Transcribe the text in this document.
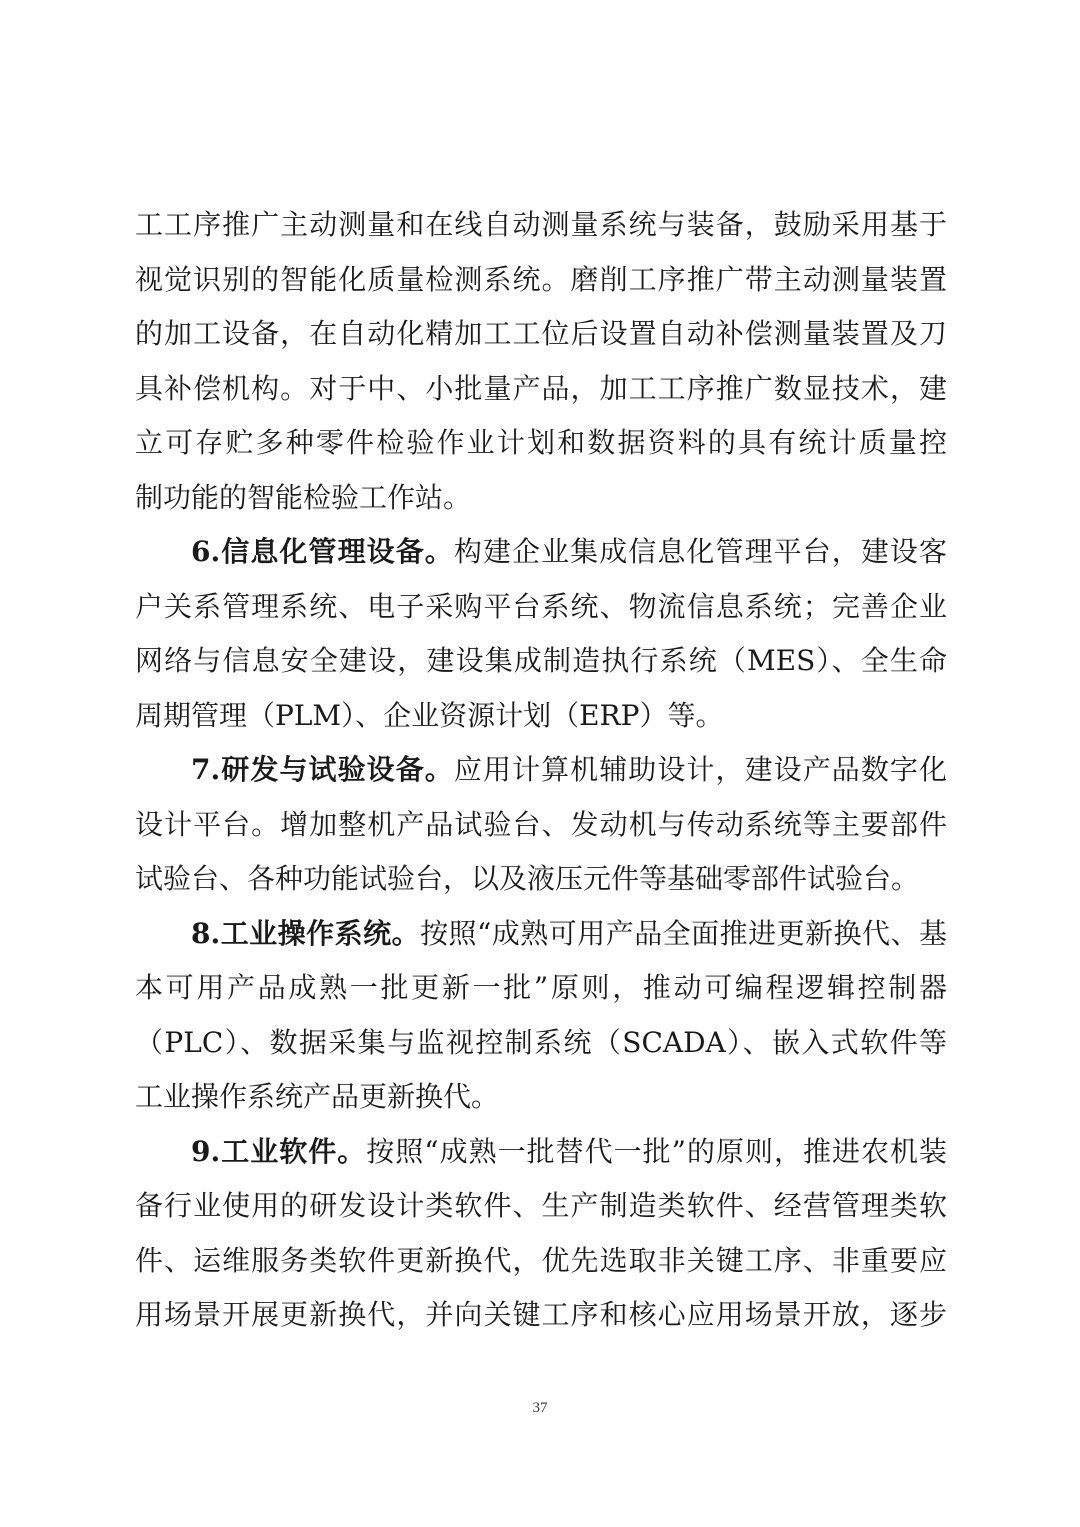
工工序推广主动测量和在线自动测量系统与装备，鼓励采用基于
视觉识别的智能化质量检测系统。磨削工序推广带主动测量装置
的加工设备，在自动化精加工工位后设置自动补偿测量装置及刀
具补偿机构。对于中、小批量产品，加工工序推广数显技术，建
立可存贮多种零件检验作业计划和数据资料的具有统计质量控
制功能的智能检验工作站。
6.信息化管理设备。构建企业集成信息化管理平台，建设客
户关系管理系统、电子采购平台系统、物流信息系统；完善企业
网络与信息安全建设，建设集成制造执行系统（MES）、全生命
周期管理（PLM）、企业资源计划（ERP）等。
7.研发与试验设备。应用计算机辅助设计，建设产品数字化
设计平台。增加整机产品试验台、发动机与传动系统等主要部件
试验台、各种功能试验台，以及液压元件等基础零部件试验台。
8.工业操作系统。按照“成熟可用产品全面推进更新换代、基
本可用产品成熟一批更新一批”原则，推动可编程逻辑控制器
（PLC）、数据采集与监视控制系统（SCADA）、嵌入式软件等
工业操作系统产品更新换代。
9.工业软件。按照“成熟一批替代一批”的原则，推进农机装
备行业使用的研发设计类软件、生产制造类软件、经营管理类软
件、运维服务类软件更新换代，优先选取非关键工序、非重要应
用场景开展更新换代，并向关键工序和核心应用场景开放，逐步
37
